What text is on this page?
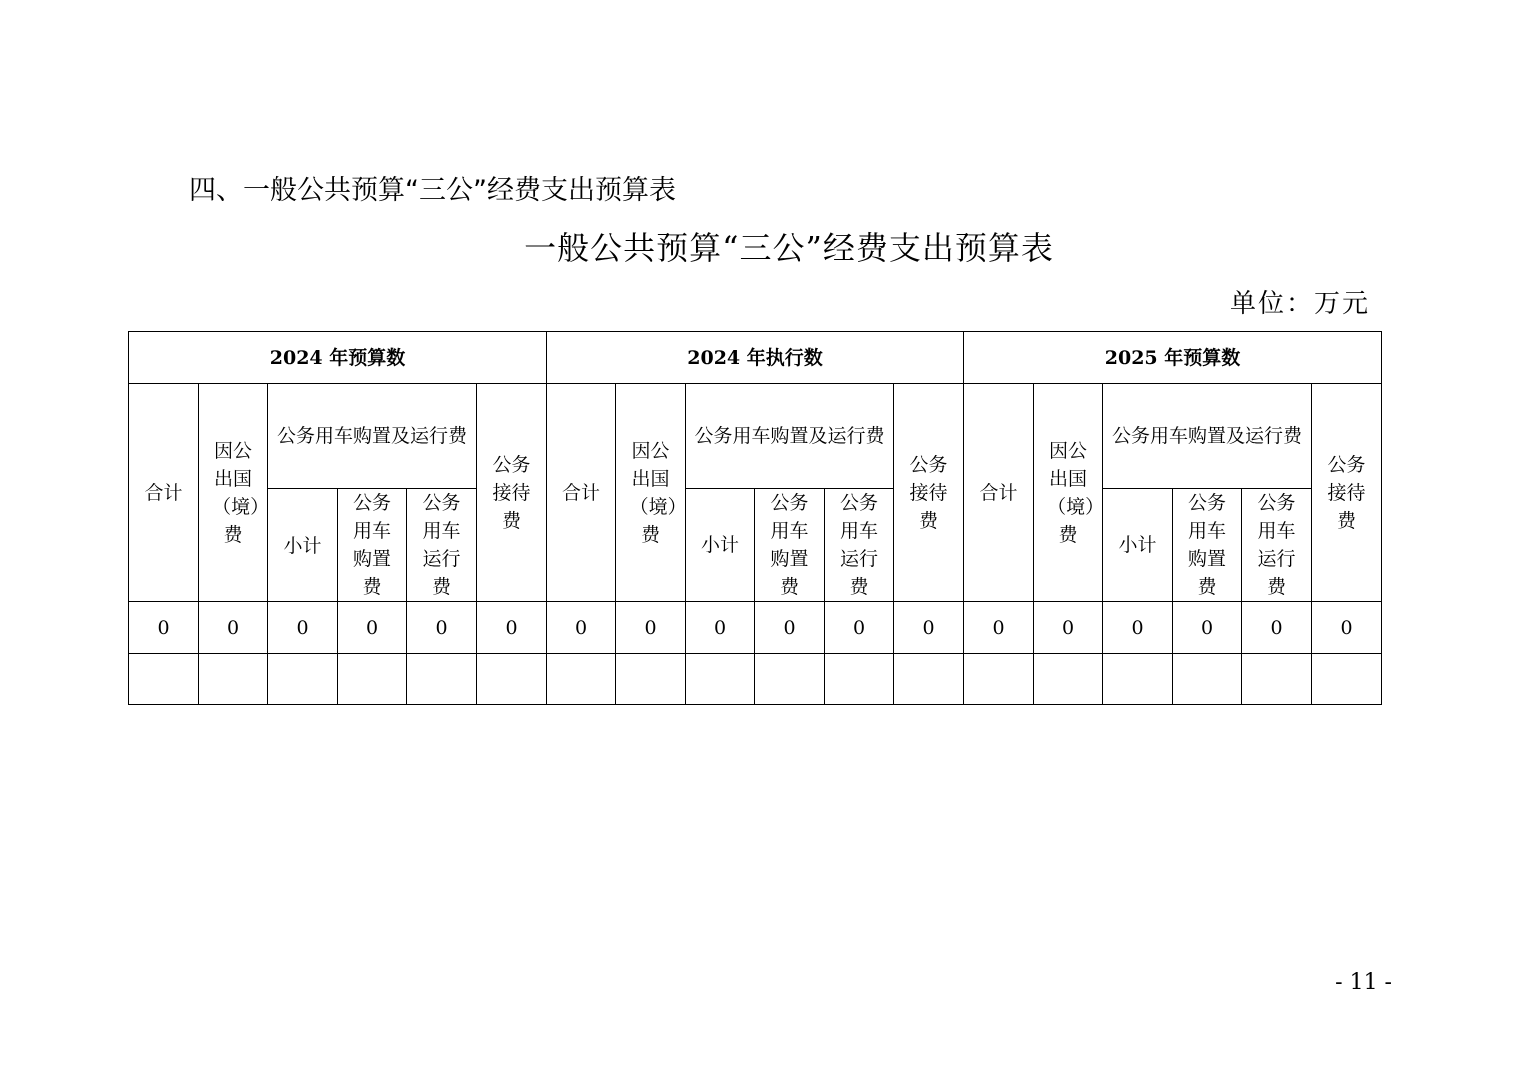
四、一般公共预算“三公”经费支出预算表
一般公共预算“三公”经费支出预算表
单位：万元
2024 年预算数						2024 年执行数						2025 年预算数					
合计	因公出国（境）费	公务用车购置及运行费			公务接待费	合计	因公出国（境）费	公务用车购置及运行费			公务接待费	合计	因公出国（境）费	公务用车购置及运行费			公务接待费
		小计	公务用车购置费	公务用车运行费				小计	公务用车购置费	公务用车运行费				小计	公务用车购置费	公务用车运行费	
0	0	0	0	0	0	0	0	0	0	0	0	0	0	0	0	0	0

- 11 -
